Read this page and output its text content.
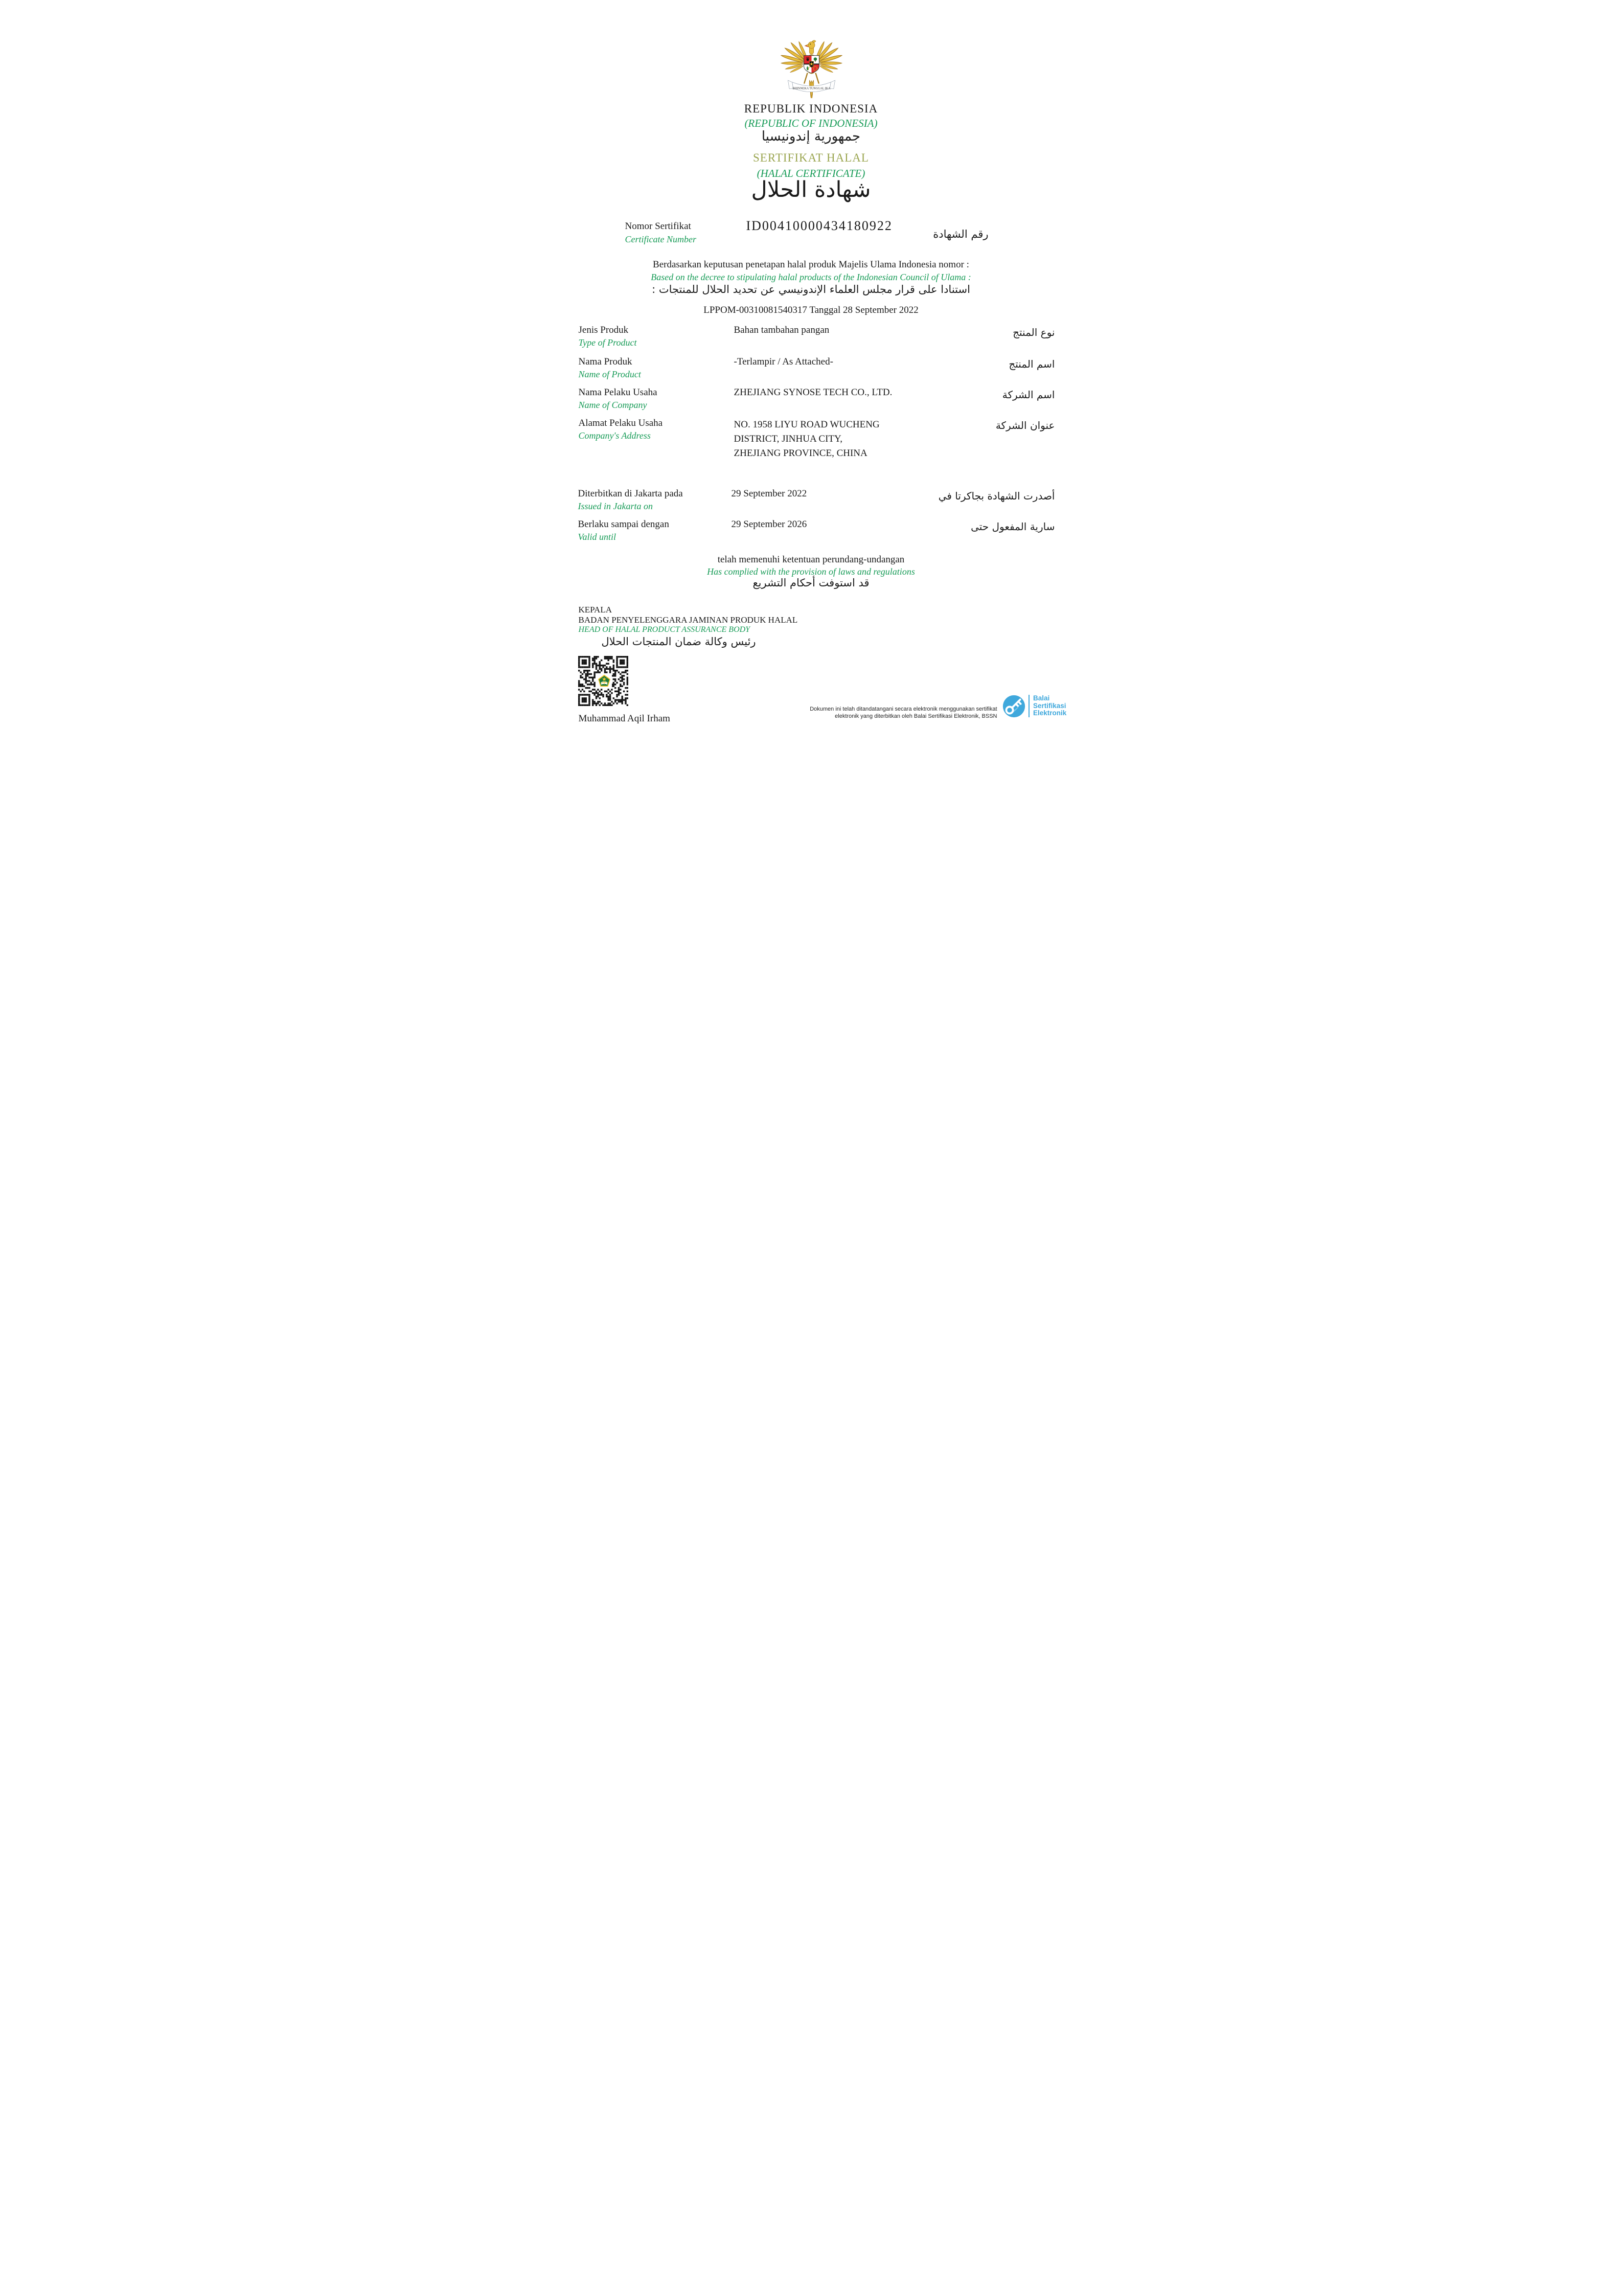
BHINNEKA TUNGGAL IKA
REPUBLIK INDONESIA
(REPUBLIC OF INDONESIA)
جمهورية إندونيسيا
SERTIFIKAT HALAL
(HALAL CERTIFICATE)
شهادة الحلال
Nomor Sertifikat
Certificate Number
ID00410000434180922
رقم الشهادة
Berdasarkan keputusan penetapan halal produk Majelis Ulama Indonesia nomor :
Based on the decree to stipulating halal products of the Indonesian Council of Ulama :
استنادا على قرار مجلس العلماء الإندونيسي عن تحديد الحلال للمنتجات :
LPPOM-00310081540317 Tanggal 28 September 2022
Jenis Produk
Type of Product
Bahan tambahan pangan	نوع المنتج
Nama Produk
Name of Product
-Terlampir / As Attached-	اسم المنتج
Nama Pelaku Usaha
Name of Company
ZHEJIANG SYNOSE TECH CO., LTD.	اسم الشركة
Alamat Pelaku Usaha
Company's Address
NO. 1958 LIYU ROAD WUCHENG DISTRICT, JINHUA CITY, ZHEJIANG PROVINCE, CHINA
عنوان الشركة
Diterbitkan di Jakarta pada
Issued in Jakarta on
29 September 2022	أصدرت الشهادة بجاكرتا في
Berlaku sampai dengan
Valid until
29 September 2026	سارية المفعول حتى
telah memenuhi ketentuan perundang-undangan
Has complied with the provision of laws and regulations
قد استوفت أحكام التشريع
KEPALA
BADAN PENYELENGGARA JAMINAN PRODUK HALAL
HEAD OF HALAL PRODUCT ASSURANCE BODY
رئيس وكالة ضمان المنتجات الحلال
Muhammad Aqil Irham
Dokumen ini telah ditandatangani secara elektronik menggunakan sertifikat
elektronik yang diterbitkan oleh Balai Sertifikasi Elektronik, BSSN
Balai
Sertifikasi
Elektronik
